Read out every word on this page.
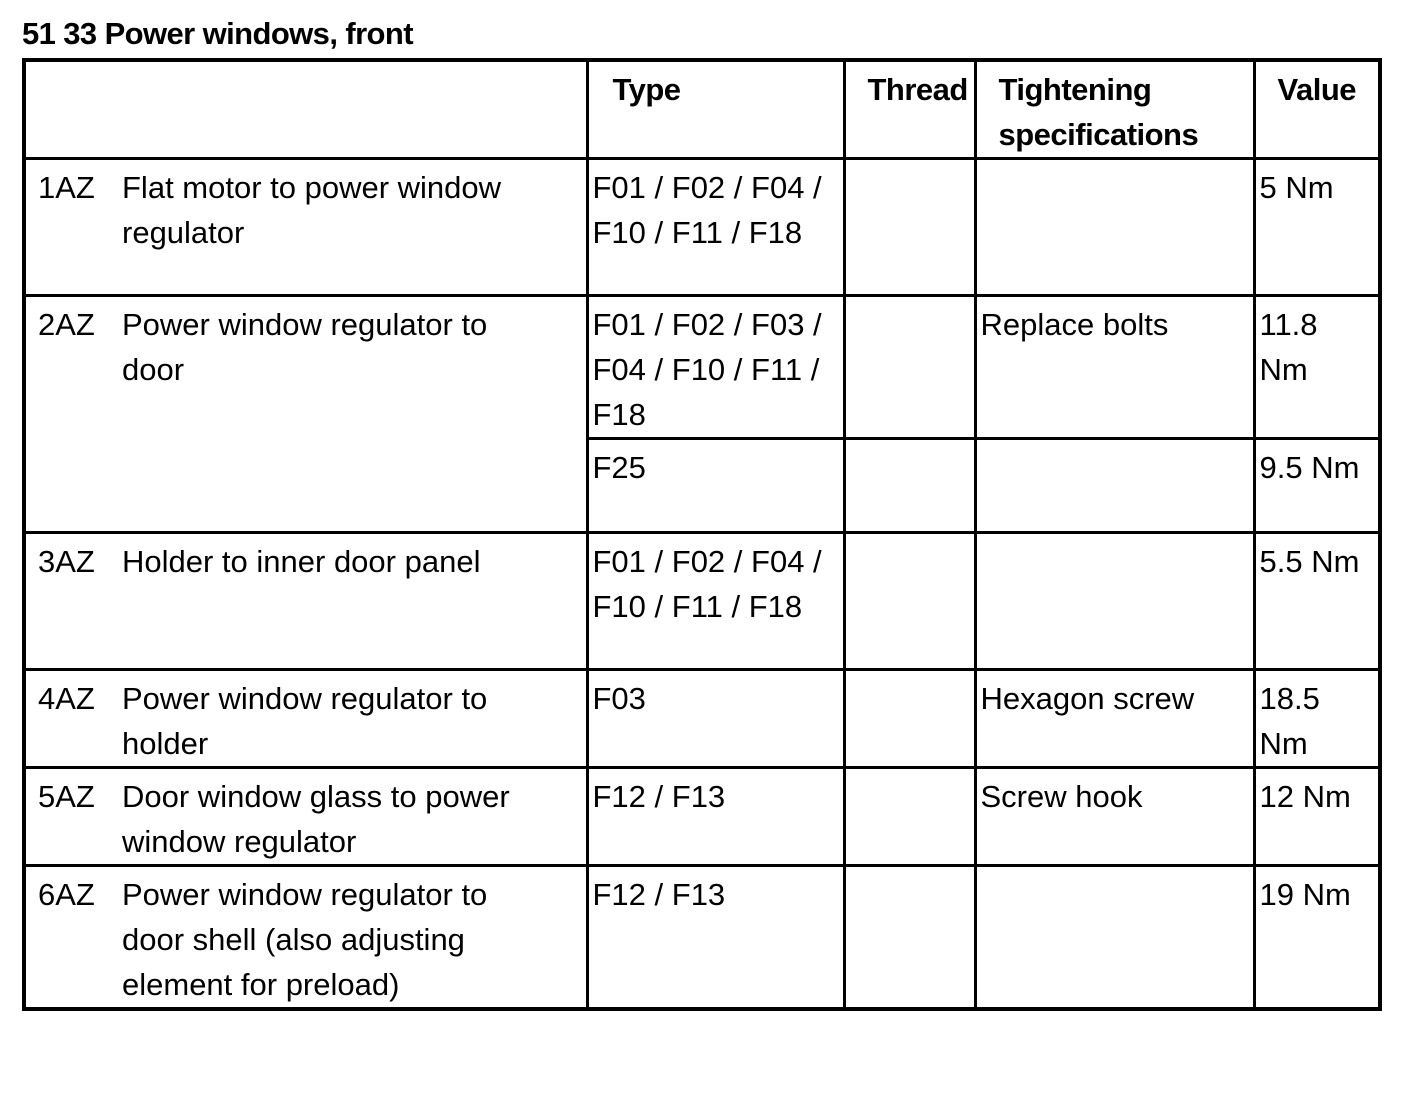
51 33 Power windows, front
	Type	Thread	Tightening specifications	Value
1AZ Flat motor to power window regulator	F01 / F02 / F04 / F10 / F11 / F18			5 Nm
2AZ Power window regulator to door	F01 / F02 / F03 / F04 / F10 / F11 / F18		Replace bolts	11.8 Nm
	F25			9.5 Nm
3AZ Holder to inner door panel	F01 / F02 / F04 / F10 / F11 / F18			5.5 Nm
4AZ Power window regulator to holder	F03		Hexagon screw	18.5 Nm
5AZ Door window glass to power window regulator	F12 / F13		Screw hook	12 Nm
6AZ Power window regulator to door shell (also adjusting element for preload)	F12 / F13			19 Nm
